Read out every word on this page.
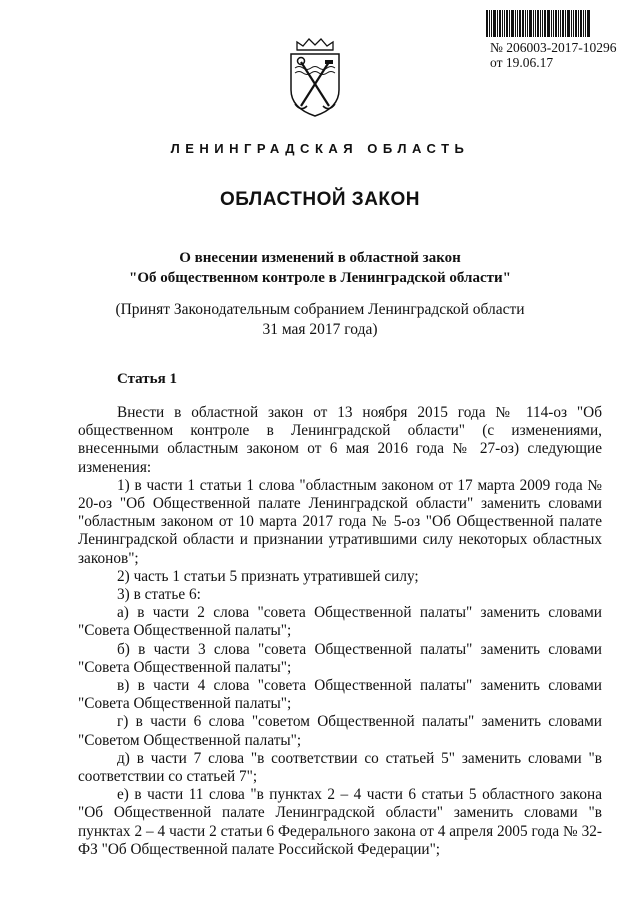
№ 206003-2017-10296
от 19.06.17
ЛЕНИНГРАДСКАЯ ОБЛАСТЬ
ОБЛАСТНОЙ ЗАКОН
О внесении изменений в областной закон
"Об общественном контроле в Ленинградской области"
(Принят Законодательным собранием Ленинградской области
31 мая 2017 года)
Статья 1

Внести в областной закон от 13 ноября 2015 года № 114-оз "Об общественном контроле в Ленинградской области" (с изменениями, внесенными областным законом от 6 мая 2016 года № 27-оз) следующие изменения:

1) в части 1 статьи 1 слова "областным законом от 17 марта 2009 года № 20-оз "Об Общественной палате Ленинградской области" заменить словами "областным законом от 10 марта 2017 года № 5-оз "Об Общественной палате Ленинградской области и признании утратившими силу некоторых областных законов";

2) часть 1 статьи 5 признать утратившей силу;

3) в статье 6:

а) в части 2 слова "совета Общественной палаты" заменить словами "Совета Общественной палаты";

б) в части 3 слова "совета Общественной палаты" заменить словами "Совета Общественной палаты";

в) в части 4 слова "совета Общественной палаты" заменить словами "Совета Общественной палаты";

г) в части 6 слова "советом Общественной палаты" заменить словами "Советом Общественной палаты";

д) в части 7 слова "в соответствии со статьей 5" заменить словами "в соответствии со статьей 7";

е) в части 11 слова "в пунктах 2 – 4 части 6 статьи 5 областного закона "Об Общественной палате Ленинградской области" заменить словами "в пунктах 2 – 4 части 2 статьи 6 Федерального закона от 4 апреля 2005 года № 32-ФЗ "Об Общественной палате Российской Федерации";
